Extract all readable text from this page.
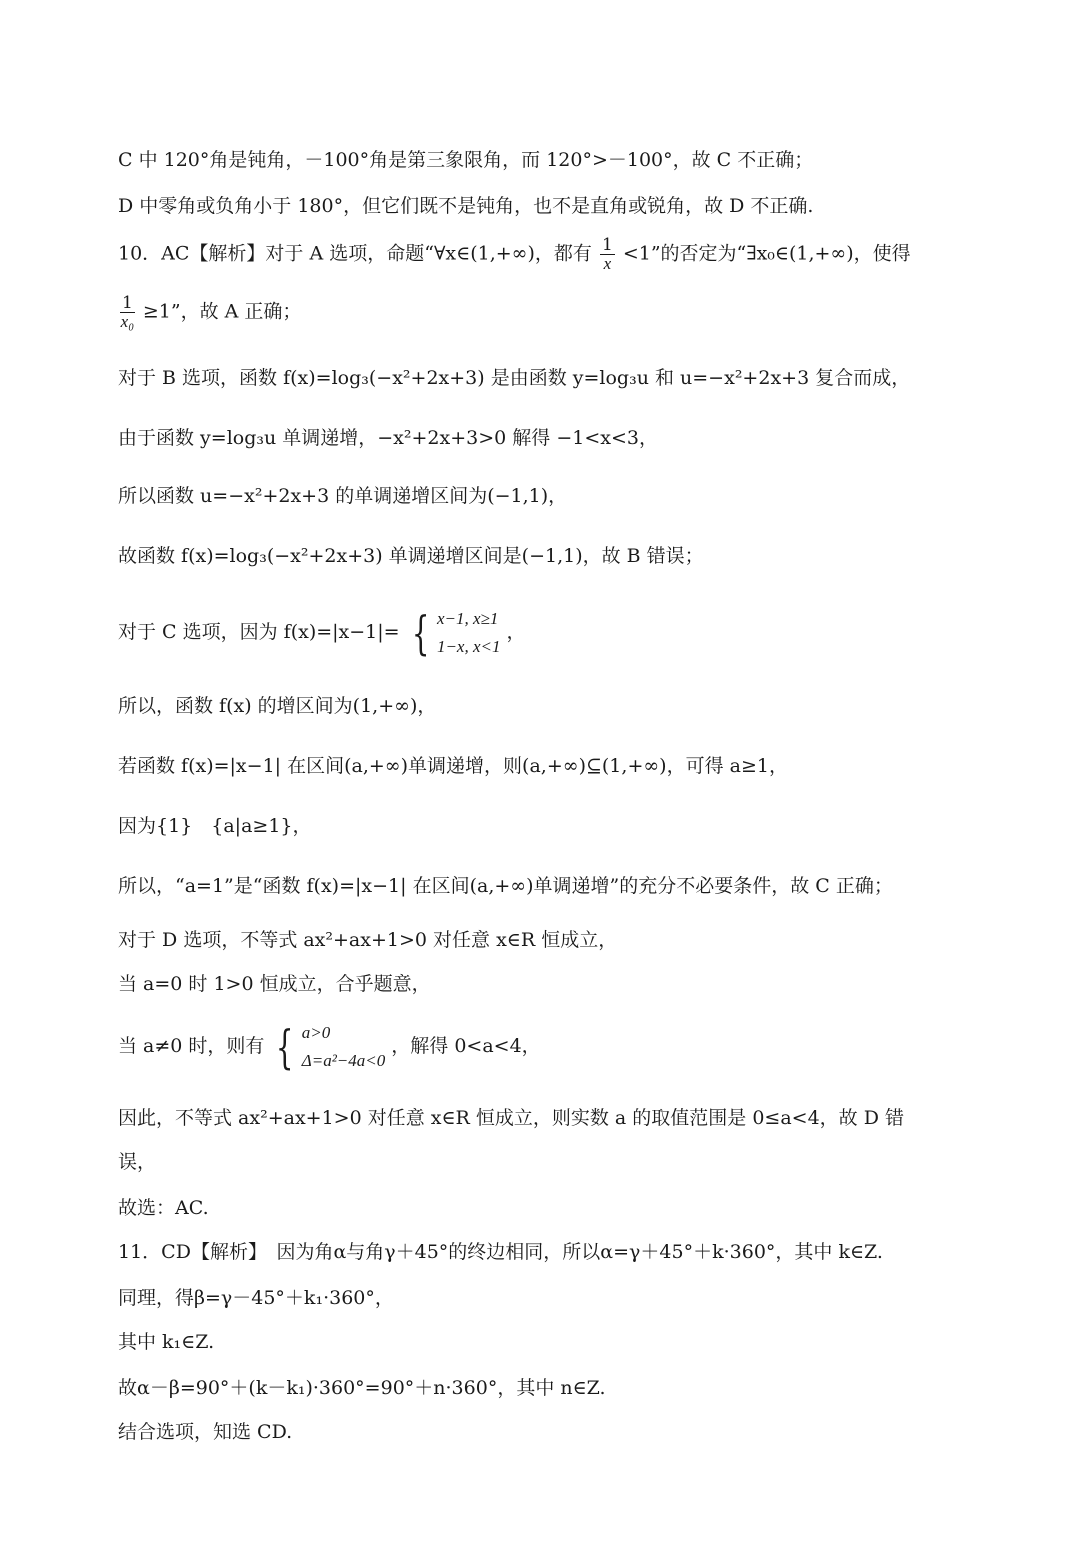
C 中 120°角是钝角，－100°角是第三象限角，而 120°>－100°，故 C 不正确；
D 中零角或负角小于 180°，但它们既不是钝角，也不是直角或锐角，故 D 不正确.
10．AC【解析】对于 A 选项，命题“∀x∈(1,+∞)，都有 $\frac{1}{x} <1$”的否定为“∃x₀∈(1,+∞)，使得
$\frac{1}{\text{x₀}} \ge 1$”，故 A 正确；
对于 B 选项，函数 f(x)=log₃(−x²+2x+3) 是由函数 y=log₃u 和 u=−x²+2x+3 复合而成，
由于函数 y=log₃u 单调递增，−x²+2x+3>0 解得 −1<x<3，
所以函数 u=−x²+2x+3 的单调递增区间为(−1,1)，
故函数 f(x)=log₃(−x²+2x+3) 单调递增区间是(−1,1)，故 B 错误；
对于 C 选项，因为 f(x)=|x−1|= { x−1, x≥1
1−x, x<1
，
所以，函数 f(x) 的增区间为(1,+∞)，
若函数 f(x)=|x−1| 在区间(a,+∞)单调递增，则(a,+∞)⊆(1,+∞)，可得 a≥1，
因为{1}　{a|a≥1}，
所以，“a=1”是“函数 f(x)=|x−1| 在区间(a,+∞)单调递增”的充分不必要条件，故 C 正确；
对于 D 选项，不等式 ax²+ax+1>0 对任意 x∈R 恒成立，
当 a=0 时 1>0 恒成立，合乎题意，
当 a≠0 时，则有 { a>0
Δ=a²−4a<0
，解得 0<a<4，
因此，不等式 ax²+ax+1>0 对任意 x∈R 恒成立，则实数 a 的取值范围是 0≤a<4，故 D 错
误，
故选：AC.
11．CD【解析】　因为角α与角γ＋45°的终边相同，所以α=γ＋45°＋k·360°，其中 k∈Z.
同理，得β=γ－45°＋k₁·360°，
其中 k₁∈Z.
故α－β=90°＋(k－k₁)·360°=90°＋n·360°，其中 n∈Z.
结合选项，知选 CD.
